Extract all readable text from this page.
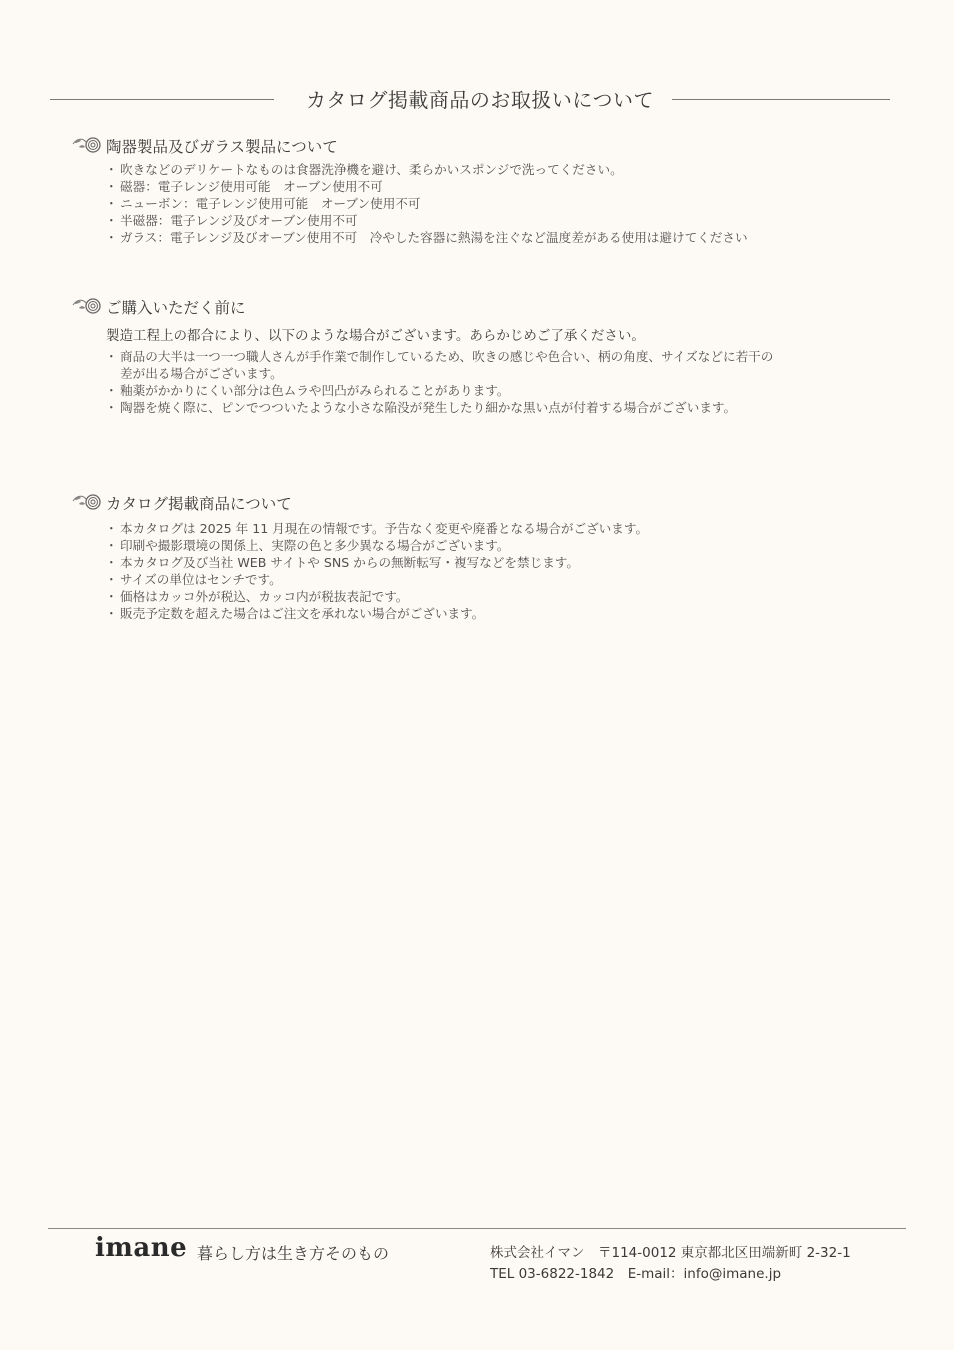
カタログ掲載商品のお取扱いについて
陶器製品及びガラス製品について
・ 吹きなどのデリケートなものは食器洗浄機を避け、柔らかいスポンジで洗ってください。
・ 磁器：電子レンジ使用可能　オーブン使用不可
・ ニューボン：電子レンジ使用可能　オーブン使用不可
・ 半磁器：電子レンジ及びオーブン使用不可
・ ガラス：電子レンジ及びオーブン使用不可　冷やした容器に熱湯を注ぐなど温度差がある使用は避けてください
ご購入いただく前に
製造工程上の都合により、以下のような場合がございます。あらかじめご了承ください。
・ 商品の大半は一つ一つ職人さんが手作業で制作しているため、吹きの感じや色合い、柄の角度、サイズなどに若干の
差が出る場合がございます。
・ 釉薬がかかりにくい部分は色ムラや凹凸がみられることがあります。
・ 陶器を焼く際に、ピンでつついたような小さな陥没が発生したり細かな黒い点が付着する場合がございます。
カタログ掲載商品について
・ 本カタログは 2025 年 11 月現在の情報です。予告なく変更や廃番となる場合がございます。
・ 印刷や撮影環境の関係上、実際の色と多少異なる場合がございます。
・ 本カタログ及び当社 WEB サイトや SNS からの無断転写・複写などを禁じます。
・ サイズの単位はセンチです。
・ 価格はカッコ外が税込、カッコ内が税抜表記です。
・ 販売予定数を超えた場合はご注文を承れない場合がございます。
imane 暮らし方は生き方そのもの	株式会社イマン　〒114-0012 東京都北区田端新町 2-32-1
TEL 03-6822-1842　E-mail：info@imane.jp
